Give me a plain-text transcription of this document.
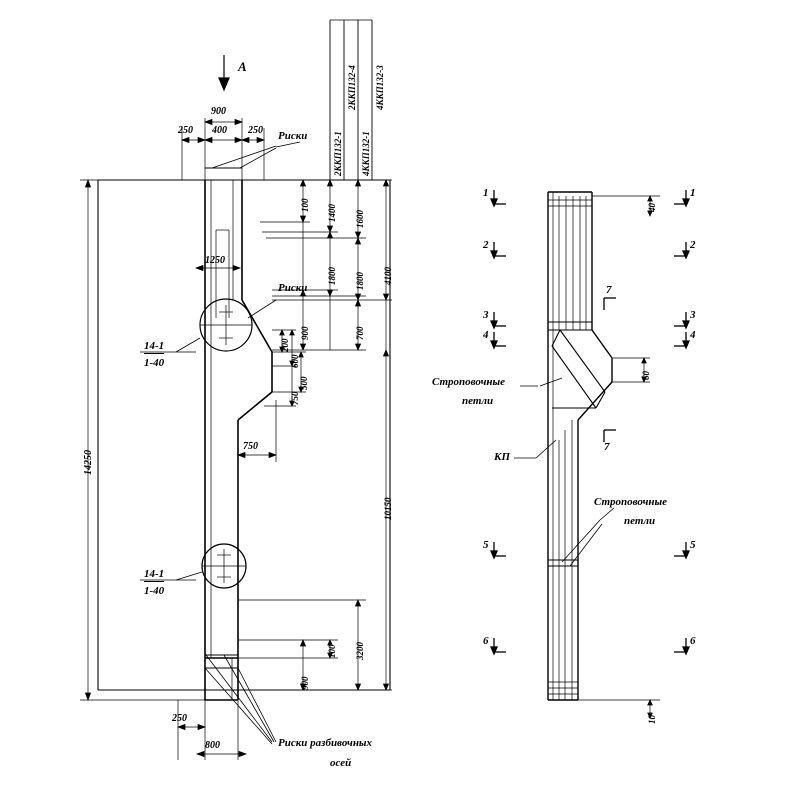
A
900
250 400 250 Риски
Риски
1250
14250
100 1400 1600
1800 1800
900	700
4100
200
600
500
750
750
10150
3200
100
900
250
800
14-1
1-40
14-1
1-40
Риски разбивочных
осей
2ККП132-1
2ККП132-4
4ККП132-1
4ККП132-3
Строповочные
петли
КП
Строповочные
петли
1
2
3
4
5
6
1
2
3
4
5
6
7
7
40
60
10
